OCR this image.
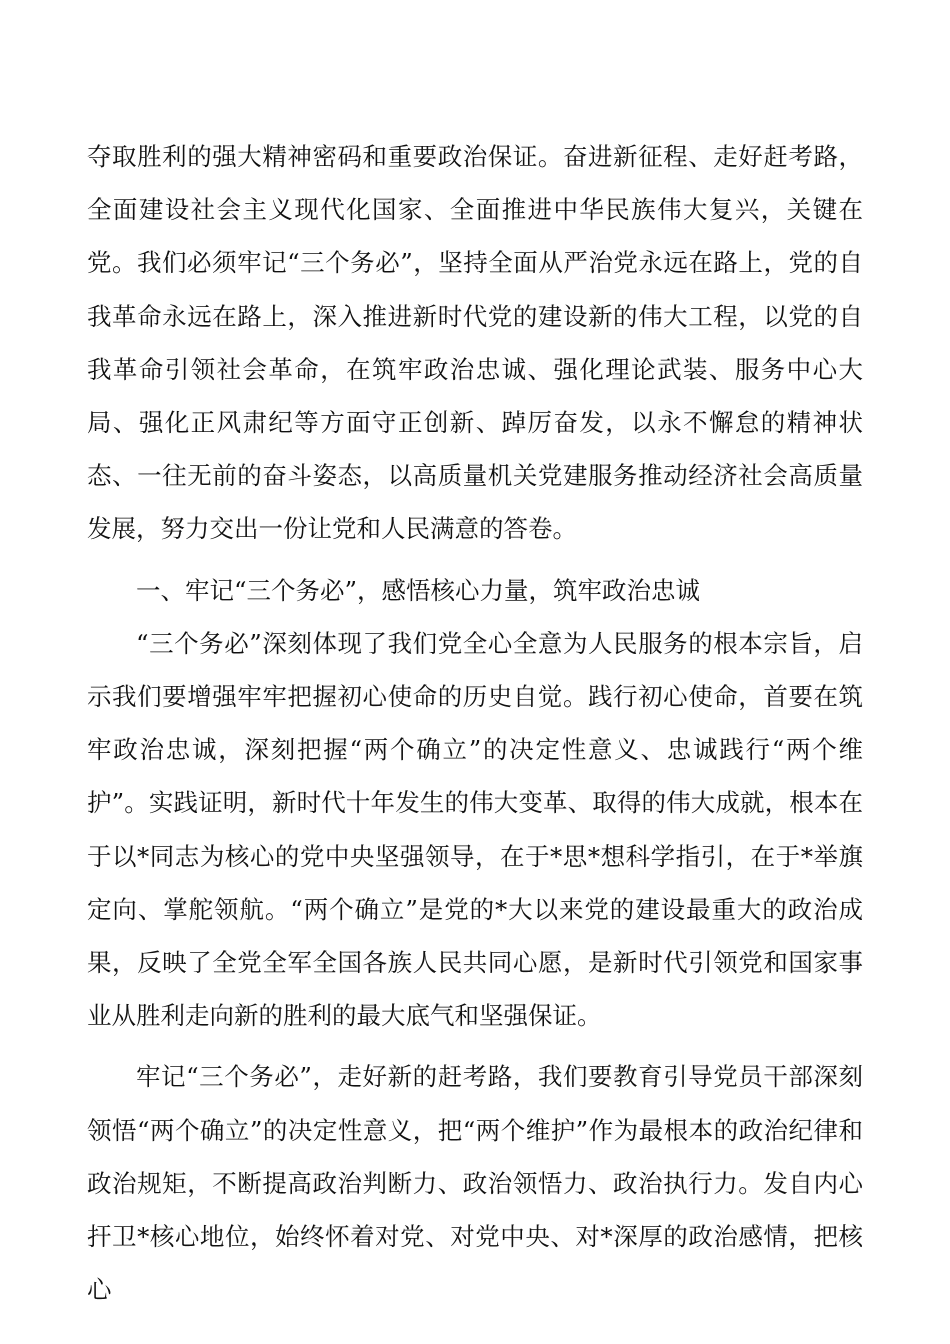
夺取胜利的强大精神密码和重要政治保证。奋进新征程、走好赶考路，全面建设社会主义现代化国家、全面推进中华民族伟大复兴，关键在党。我们必须牢记“三个务必”，坚持全面从严治党永远在路上，党的自我革命永远在路上，深入推进新时代党的建设新的伟大工程，以党的自我革命引领社会革命，在筑牢政治忠诚、强化理论武装、服务中心大局、强化正风肃纪等方面守正创新、踔厉奋发，以永不懈怠的精神状态、一往无前的奋斗姿态，以高质量机关党建服务推动经济社会高质量发展，努力交出一份让党和人民满意的答卷。

一、牢记“三个务必”，感悟核心力量，筑牢政治忠诚

“三个务必”深刻体现了我们党全心全意为人民服务的根本宗旨，启示我们要增强牢牢把握初心使命的历史自觉。践行初心使命，首要在筑牢政治忠诚，深刻把握“两个确立”的决定性意义、忠诚践行“两个维护”。实践证明，新时代十年发生的伟大变革、取得的伟大成就，根本在于以*同志为核心的党中央坚强领导，在于*思*想科学指引，在于*举旗定向、掌舵领航。“两个确立”是党的*大以来党的建设最重大的政治成果，反映了全党全军全国各族人民共同心愿，是新时代引领党和国家事业从胜利走向新的胜利的最大底气和坚强保证。

牢记“三个务必”，走好新的赶考路，我们要教育引导党员干部深刻领悟“两个确立”的决定性意义，把“两个维护”作为最根本的政治纪律和政治规矩，不断提高政治判断力、政治领悟力、政治执行力。发自内心扞卫*核心地位，始终怀着对党、对党中央、对*深厚的政治感情，把核心
